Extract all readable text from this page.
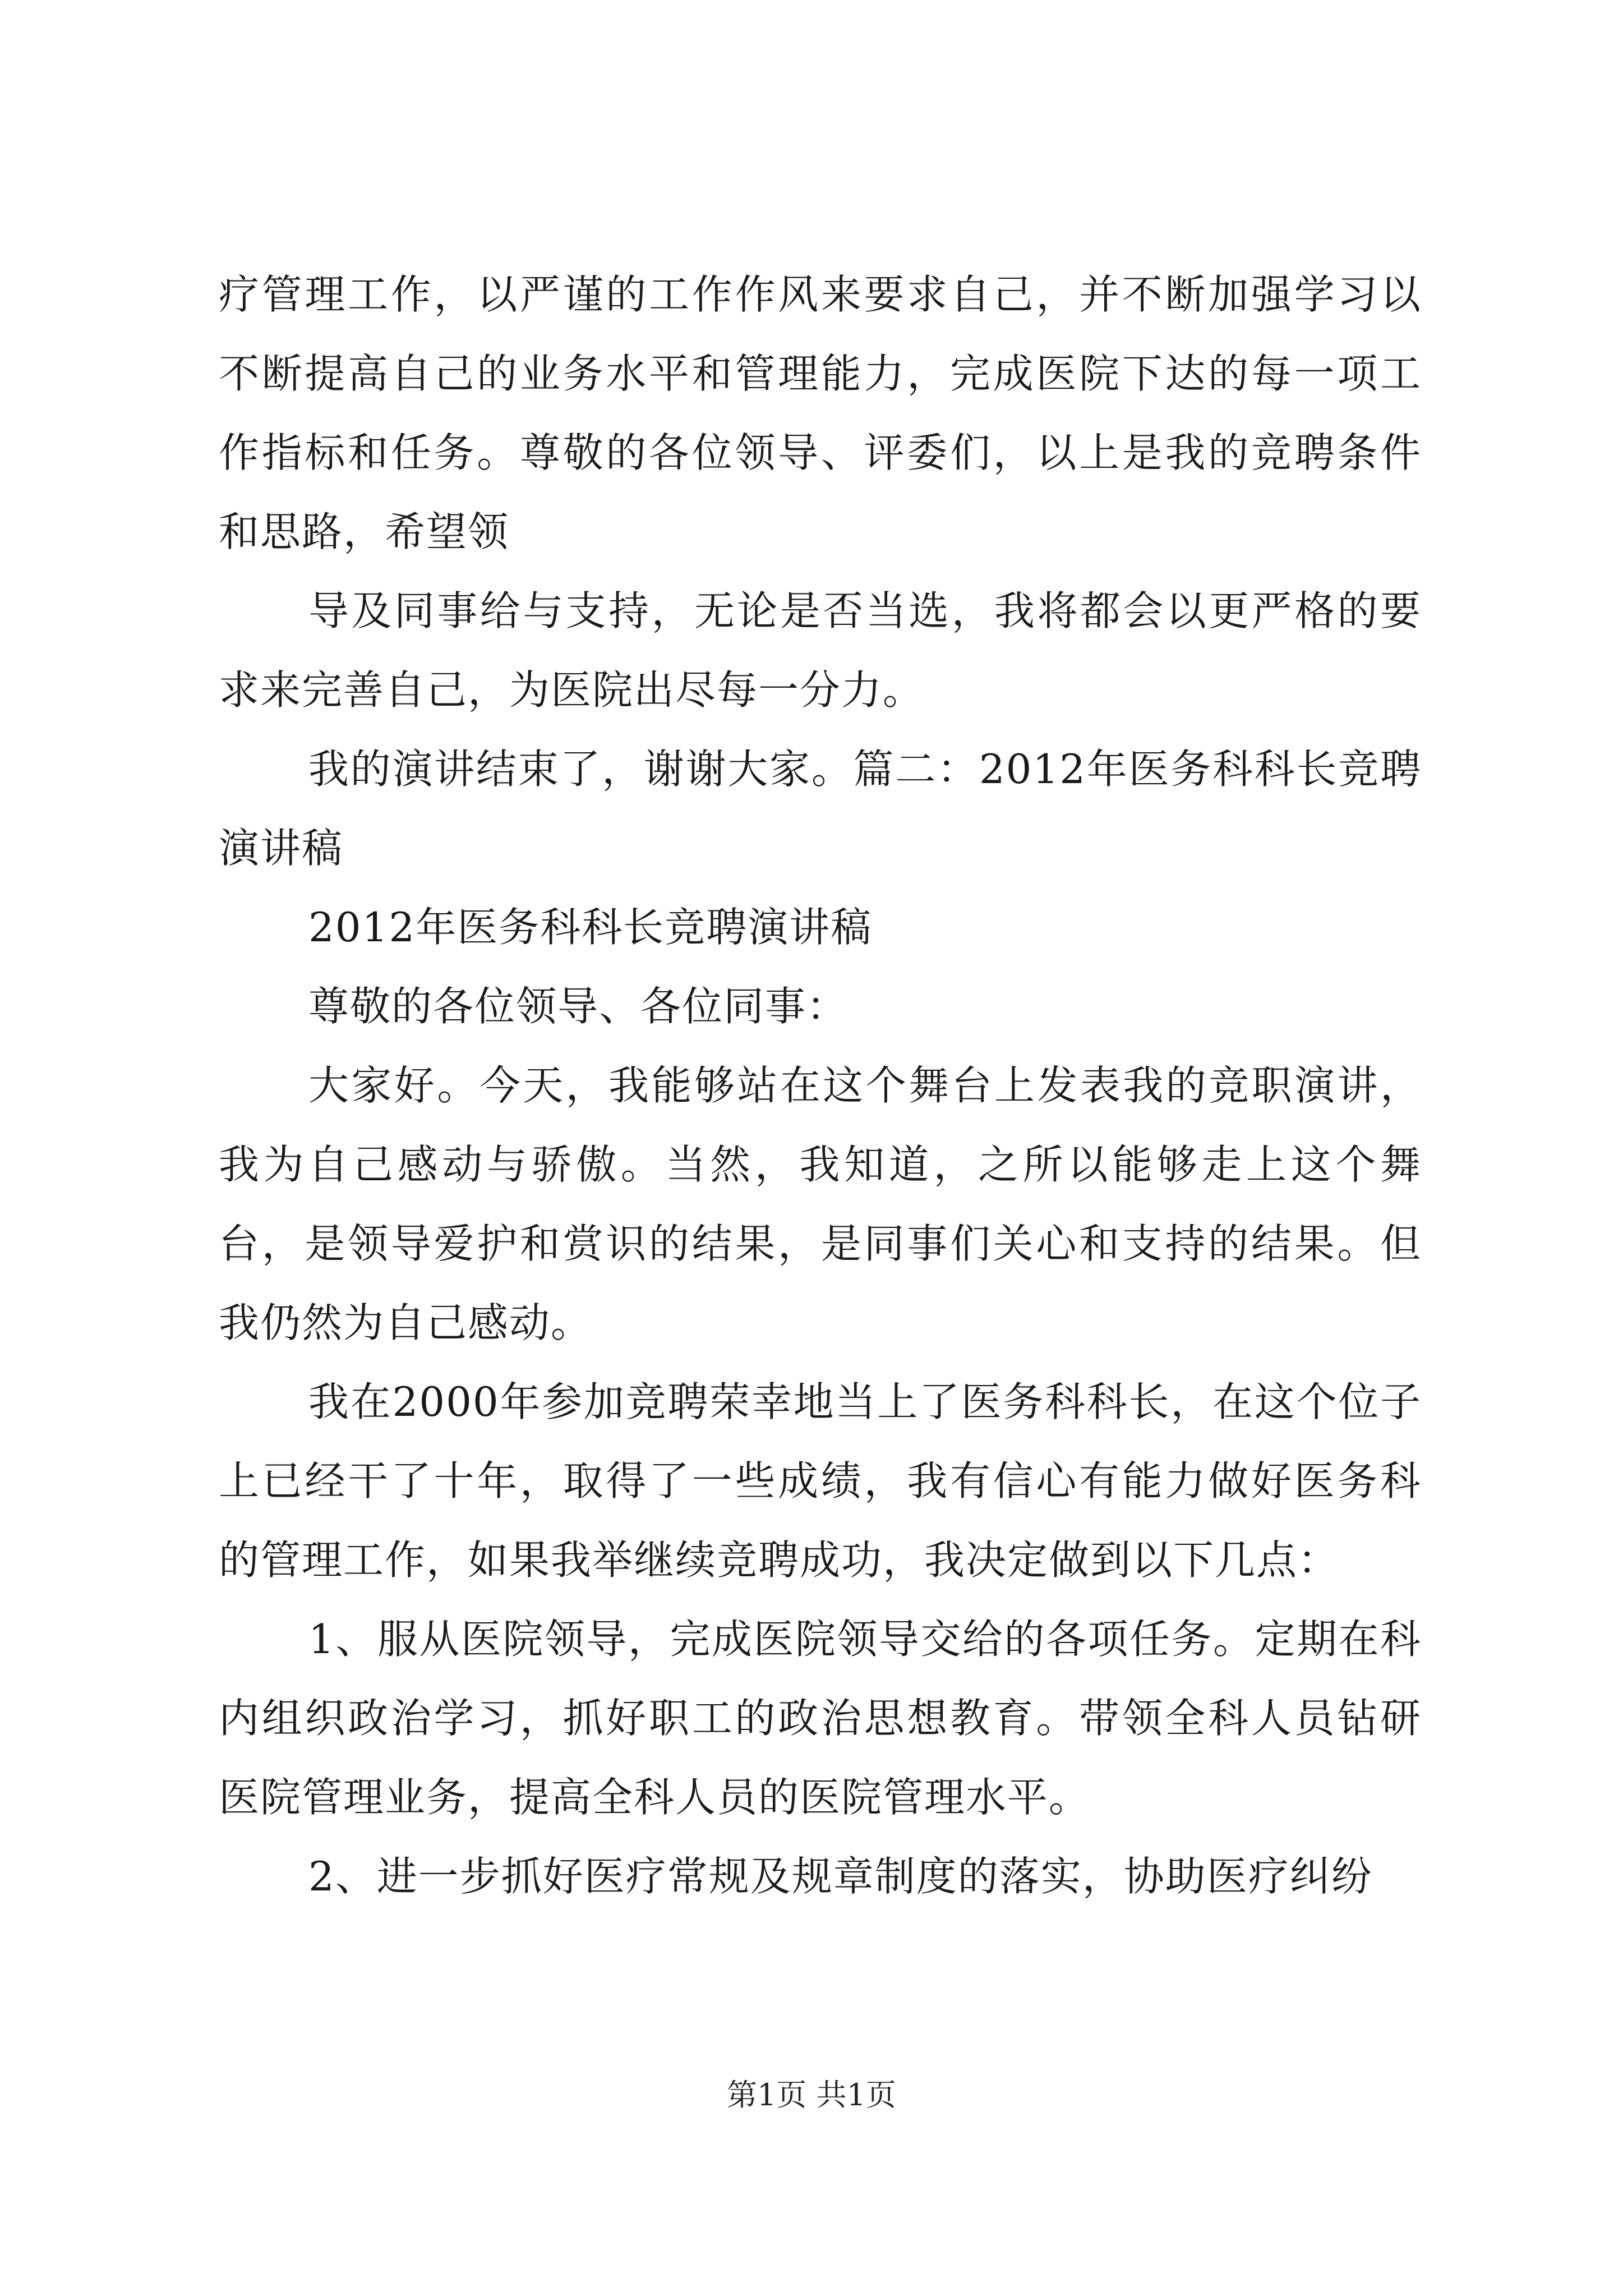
疗管理工作，以严谨的工作作风来要求自己，并不断加强学习以不断提高自己的业务水平和管理能力，完成医院下达的每一项工作指标和任务。尊敬的各位领导、评委们，以上是我的竞聘条件和思路，希望领

导及同事给与支持，无论是否当选，我将都会以更严格的要求来完善自己，为医院出尽每一分力。

我的演讲结束了，谢谢大家。篇二：2012年医务科科长竞聘演讲稿

2012年医务科科长竞聘演讲稿

尊敬的各位领导、各位同事：

大家好。今天，我能够站在这个舞台上发表我的竞职演讲，我为自己感动与骄傲。当然，我知道，之所以能够走上这个舞台，是领导爱护和赏识的结果，是同事们关心和支持的结果。但我仍然为自己感动。

我在2000年参加竞聘荣幸地当上了医务科科长，在这个位子上已经干了十年，取得了一些成绩，我有信心有能力做好医务科的管理工作，如果我举继续竞聘成功，我决定做到以下几点：

1、服从医院领导，完成医院领导交给的各项任务。定期在科内组织政治学习，抓好职工的政治思想教育。带领全科人员钻研医院管理业务，提高全科人员的医院管理水平。

2、进一步抓好医疗常规及规章制度的落实，协助医疗纠纷

第1页 共1页
